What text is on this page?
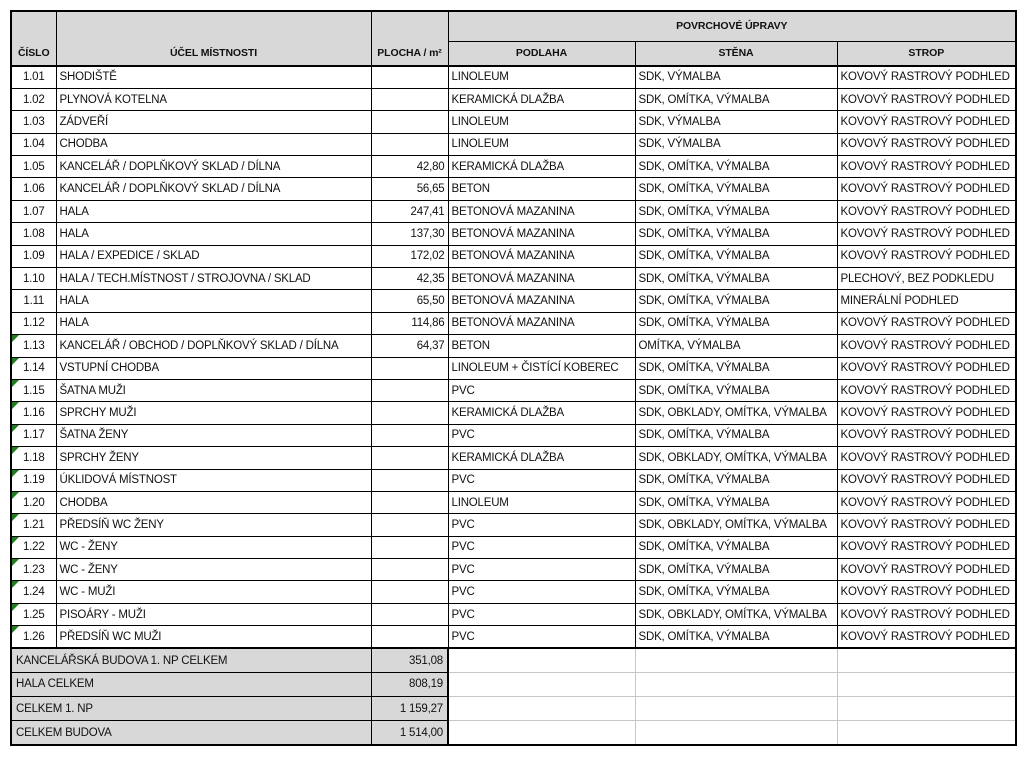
ČÍSLO	ÚČEL MÍSTNOSTI	PLOCHA / m²	POVRCHOVÉ ÚPRAVY		
			PODLAHA	STĚNA	STROP
1.01	SHODIŠTĚ		LINOLEUM	SDK, VÝMALBA	KOVOVÝ RASTROVÝ PODHLED
1.02	PLYNOVÁ KOTELNA		KERAMICKÁ DLAŽBA	SDK, OMÍTKA, VÝMALBA	KOVOVÝ RASTROVÝ PODHLED
1.03	ZÁDVEŘÍ		LINOLEUM	SDK, VÝMALBA	KOVOVÝ RASTROVÝ PODHLED
1.04	CHODBA		LINOLEUM	SDK, VÝMALBA	KOVOVÝ RASTROVÝ PODHLED
1.05	KANCELÁŘ / DOPLŇKOVÝ SKLAD / DÍLNA	42,80	KERAMICKÁ DLAŽBA	SDK, OMÍTKA, VÝMALBA	KOVOVÝ RASTROVÝ PODHLED
1.06	KANCELÁŘ / DOPLŇKOVÝ SKLAD / DÍLNA	56,65	BETON	SDK, OMÍTKA, VÝMALBA	KOVOVÝ RASTROVÝ PODHLED
1.07	HALA	247,41	BETONOVÁ MAZANINA	SDK, OMÍTKA, VÝMALBA	KOVOVÝ RASTROVÝ PODHLED
1.08	HALA	137,30	BETONOVÁ MAZANINA	SDK, OMÍTKA, VÝMALBA	KOVOVÝ RASTROVÝ PODHLED
1.09	HALA / EXPEDICE / SKLAD	172,02	BETONOVÁ MAZANINA	SDK, OMÍTKA, VÝMALBA	KOVOVÝ RASTROVÝ PODHLED
1.10	HALA / TECH.MÍSTNOST / STROJOVNA / SKLAD	42,35	BETONOVÁ MAZANINA	SDK, OMÍTKA, VÝMALBA	PLECHOVÝ, BEZ PODKLEDU
1.11	HALA	65,50	BETONOVÁ MAZANINA	SDK, OMÍTKA, VÝMALBA	MINERÁLNÍ PODHLED
1.12	HALA	114,86	BETONOVÁ MAZANINA	SDK, OMÍTKA, VÝMALBA	KOVOVÝ RASTROVÝ PODHLED

1.13	KANCELÁŘ / OBCHOD / DOPLŇKOVÝ SKLAD / DÍLNA	64,37	BETON	OMÍTKA, VÝMALBA	KOVOVÝ RASTROVÝ PODHLED

1.14	VSTUPNÍ CHODBA		LINOLEUM + ČISTÍCÍ KOBEREC	SDK, OMÍTKA, VÝMALBA	KOVOVÝ RASTROVÝ PODHLED

1.15	ŠATNA MUŽI		PVC	SDK, OMÍTKA, VÝMALBA	KOVOVÝ RASTROVÝ PODHLED

1.16	SPRCHY MUŽI		KERAMICKÁ DLAŽBA	SDK, OBKLADY, OMÍTKA, VÝMALBA	KOVOVÝ RASTROVÝ PODHLED

1.17	ŠATNA ŽENY		PVC	SDK, OMÍTKA, VÝMALBA	KOVOVÝ RASTROVÝ PODHLED

1.18	SPRCHY ŽENY		KERAMICKÁ DLAŽBA	SDK, OBKLADY, OMÍTKA, VÝMALBA	KOVOVÝ RASTROVÝ PODHLED

1.19	ÚKLIDOVÁ MÍSTNOST		PVC	SDK, OMÍTKA, VÝMALBA	KOVOVÝ RASTROVÝ PODHLED

1.20	CHODBA		LINOLEUM	SDK, OMÍTKA, VÝMALBA	KOVOVÝ RASTROVÝ PODHLED

1.21	PŘEDSÍŇ WC ŽENY		PVC	SDK, OBKLADY, OMÍTKA, VÝMALBA	KOVOVÝ RASTROVÝ PODHLED

1.22	WC - ŽENY		PVC	SDK, OMÍTKA, VÝMALBA	KOVOVÝ RASTROVÝ PODHLED

1.23	WC - ŽENY		PVC	SDK, OMÍTKA, VÝMALBA	KOVOVÝ RASTROVÝ PODHLED

1.24	WC - MUŽI		PVC	SDK, OMÍTKA, VÝMALBA	KOVOVÝ RASTROVÝ PODHLED

1.25	PISOÁRY - MUŽI		PVC	SDK, OBKLADY, OMÍTKA, VÝMALBA	KOVOVÝ RASTROVÝ PODHLED

1.26	PŘEDSÍŇ WC MUŽI		PVC	SDK, OMÍTKA, VÝMALBA	KOVOVÝ RASTROVÝ PODHLED
KANCELÁŘSKÁ BUDOVA 1. NP CELKEM		351,08			
HALA CELKEM		808,19			
CELKEM 1. NP		1 159,27			
CELKEM BUDOVA		1 514,00			
